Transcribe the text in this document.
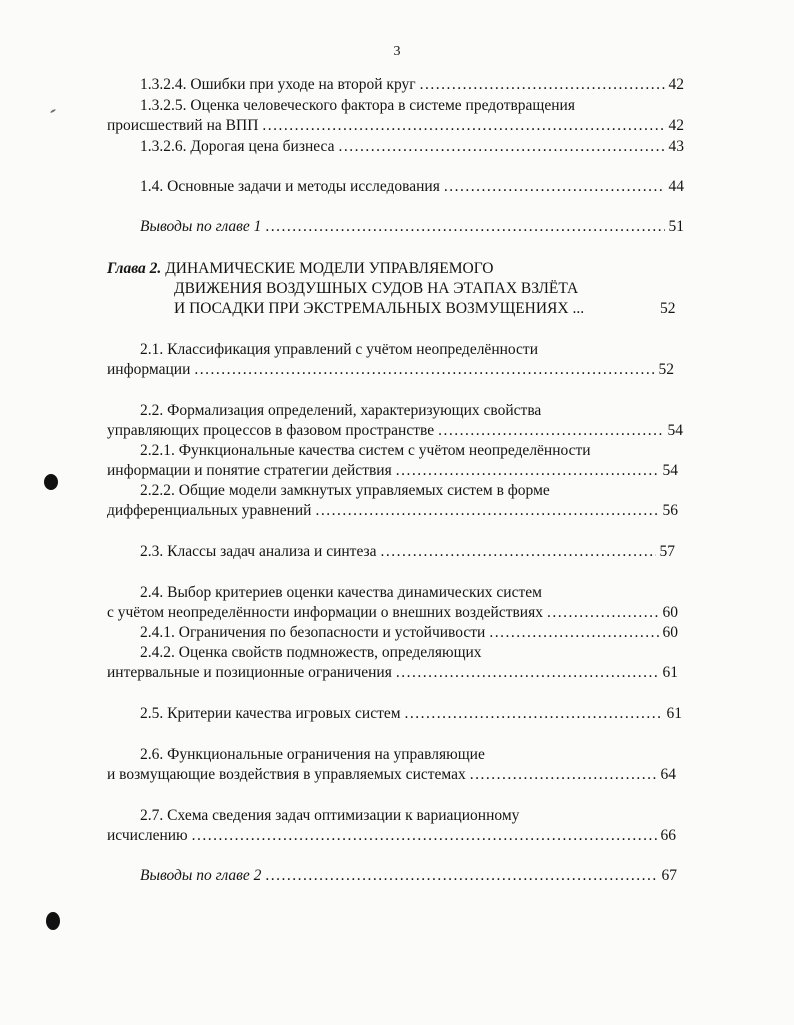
3
1.3.2.4. Ошибки при уходе на второй круг .....	42
1.3.2.5. Оценка человеческого фактора в системе предотвращения
происшествий на ВПП .....	42
1.3.2.6. Дорогая цена бизнеса .....	43
1.4. Основные задачи и методы исследования .....	44
Выводы по главе 1 .....	51
Глава 2. ДИНАМИЧЕСКИЕ МОДЕЛИ УПРАВЛЯЕМОГО
ДВИЖЕНИЯ ВОЗДУШНЫХ СУДОВ НА ЭТАПАХ ВЗЛЁТА
И ПОСАДКИ ПРИ ЭКСТРЕМАЛЬНЫХ ВОЗМУЩЕНИЯХ ...	52
2.1. Классификация управлений с учётом неопределённости
информации .....	52
2.2. Формализация определений, характеризующих свойства
управляющих процессов в фазовом пространстве .....	54
2.2.1. Функциональные качества систем с учётом неопределённости
информации и понятие стратегии действия .....	54
2.2.2. Общие модели замкнутых управляемых систем в форме
дифференциальных уравнений .....	56
2.3. Классы задач анализа и синтеза .....	57
2.4. Выбор критериев оценки качества динамических систем
с учётом неопределённости информации о внешних воздействиях .....	60
2.4.1. Ограничения по безопасности и устойчивости .....	60
2.4.2. Оценка свойств подмножеств, определяющих
интервальные и позиционные ограничения .....	61
2.5. Критерии качества игровых систем .....	61
2.6. Функциональные ограничения на управляющие
и возмущающие воздействия в управляемых системах .....	64
2.7. Схема сведения задач оптимизации к вариационному
исчислению .....	66
Выводы по главе 2 .....	67
